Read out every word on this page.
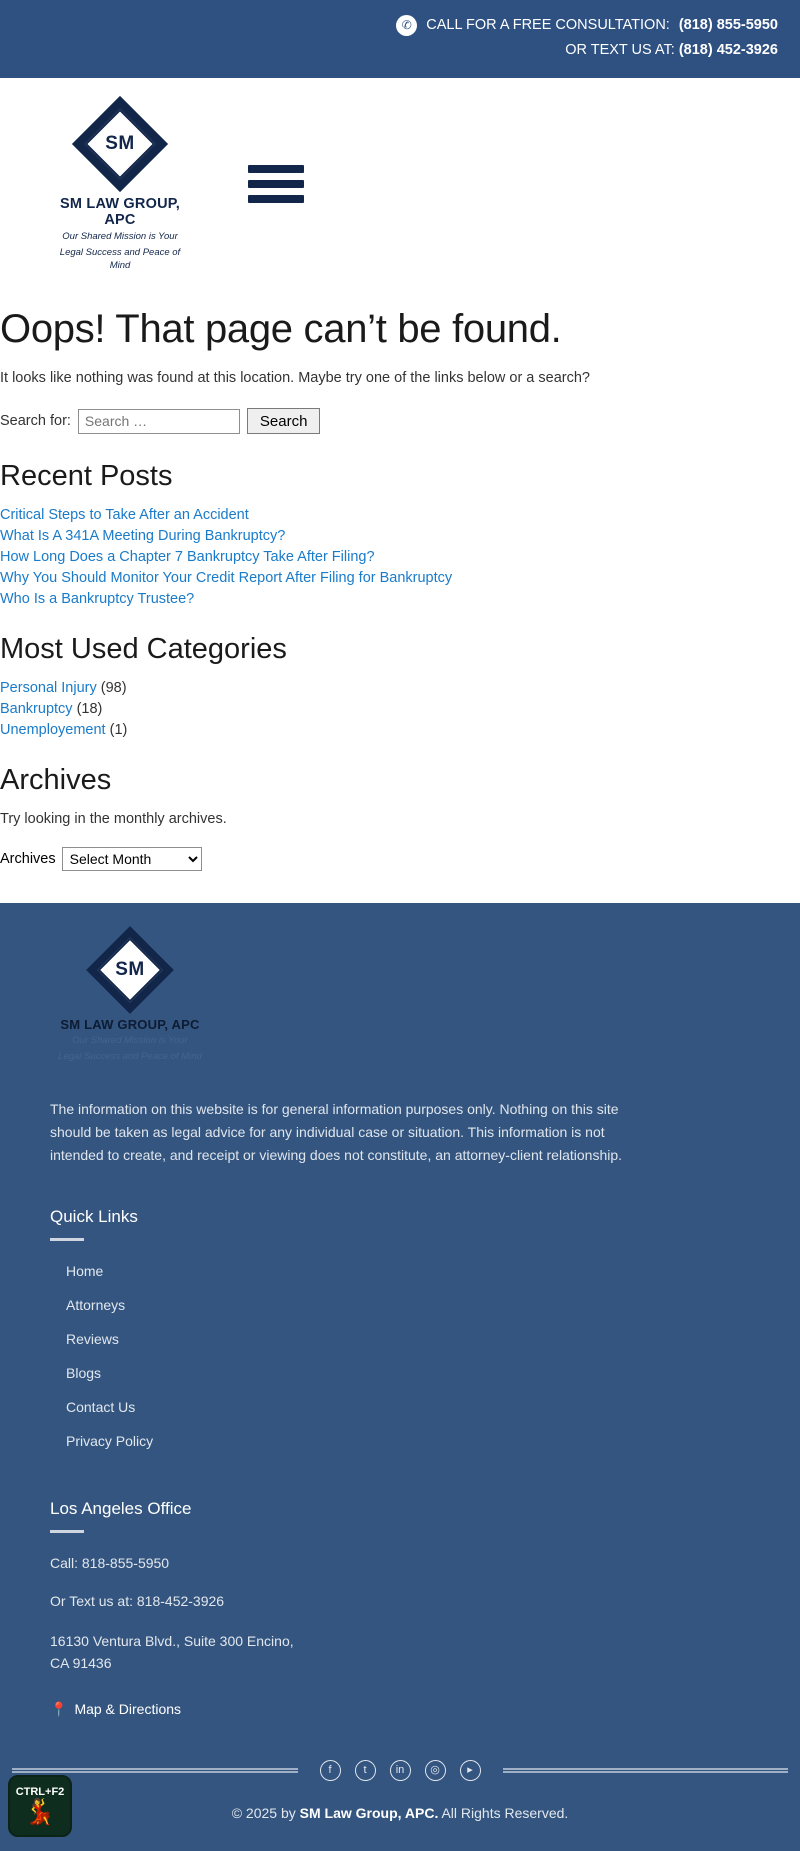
✆ CALL FOR A FREE CONSULTATION: (818) 855-5950
OR TEXT US AT: (818) 452-3926
SM
SM LAW GROUP, APC
Our Shared Mission is Your
Legal Success and Peace of Mind
Oops! That page can’t be found.

It looks like nothing was found at this location. Maybe try one of the links below or a search?

Search for:
Search …	Search
Recent Posts
Critical Steps to Take After an Accident
What Is A 341A Meeting During Bankruptcy?
How Long Does a Chapter 7 Bankruptcy Take After Filing?
Why You Should Monitor Your Credit Report After Filing for Bankruptcy
Who Is a Bankruptcy Trustee?
Most Used Categories
Personal Injury (98)
Bankruptcy (18)
Unemployement (1)
Archives

Try looking in the monthly archives.

Archives
Select Month
SM
SM LAW GROUP, APC
Our Shared Mission is Your
Legal Success and Peace of Mind

The information on this website is for general information purposes only. Nothing on this site should be taken as legal advice for any individual case or situation. This information is not intended to create, and receipt or viewing does not constitute, an attorney-client relationship.

Quick Links
Home
Attorneys
Reviews
Blogs
Contact Us
Privacy Policy
Los Angeles Office
Call: 818-855-5950
Or Text us at: 818-452-3926
16130 Ventura Blvd., Suite 300 Encino,
CA 91436
📍 Map & Directions
f	t	in	◎	▸
© 2025 by SM Law Group, APC. All Rights Reserved.
CTRL+F2
💃
